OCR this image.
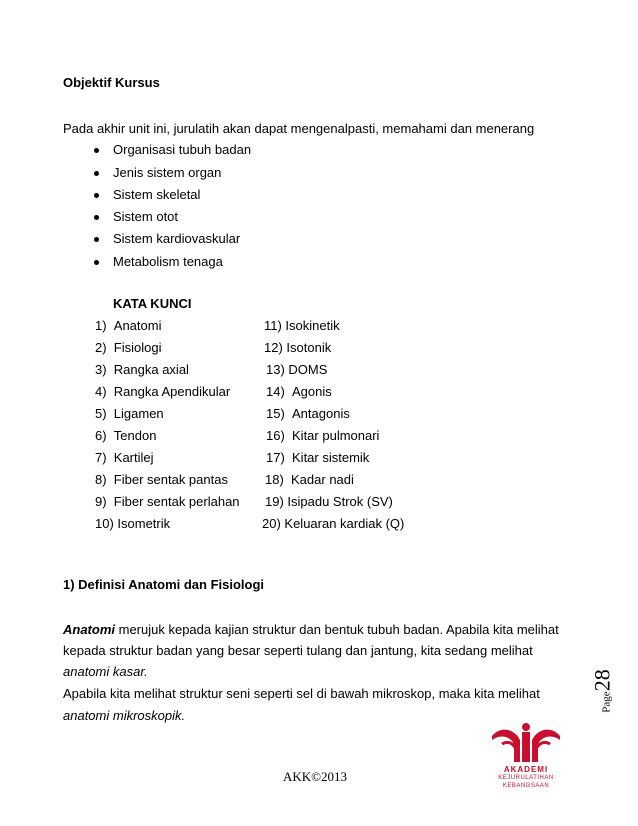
Objektif Kursus
Pada akhir unit ini, jurulatih akan dapat mengenalpasti, memahami dan menerang
Organisasi tubuh badan
Jenis sistem organ
Sistem skeletal
Sistem otot
Sistem kardiovaskular
Metabolism tenaga
KATA KUNCI
1)  Anatomi
2)  Fisiologi
3)  Rangka axial
4)  Rangka Apendikular
5)  Ligamen
6)  Tendon
7)  Kartilej
8)  Fiber sentak pantas
9)  Fiber sentak perlahan
10) Isometrik
11) Isokinetik
12) Isotonik
13) DOMS
14)  Agonis
15)  Antagonis
16)  Kitar pulmonari
17)  Kitar sistemik
18)  Kadar nadi
19) Isipadu Strok (SV)
20) Keluaran kardiak (Q)
1) Definisi Anatomi dan Fisiologi
Anatomi merujuk kepada kajian struktur dan bentuk tubuh badan. Apabila kita melihat
kepada struktur badan yang besar seperti tulang dan jantung, kita sedang melihat
anatomi kasar.
Apabila kita melihat struktur seni seperti sel di bawah mikroskop, maka kita melihat
anatomi mikroskopik.
Page28
AKADEMI
KEJURULATIHAN
KEBANGSAAN
AKK©2013
